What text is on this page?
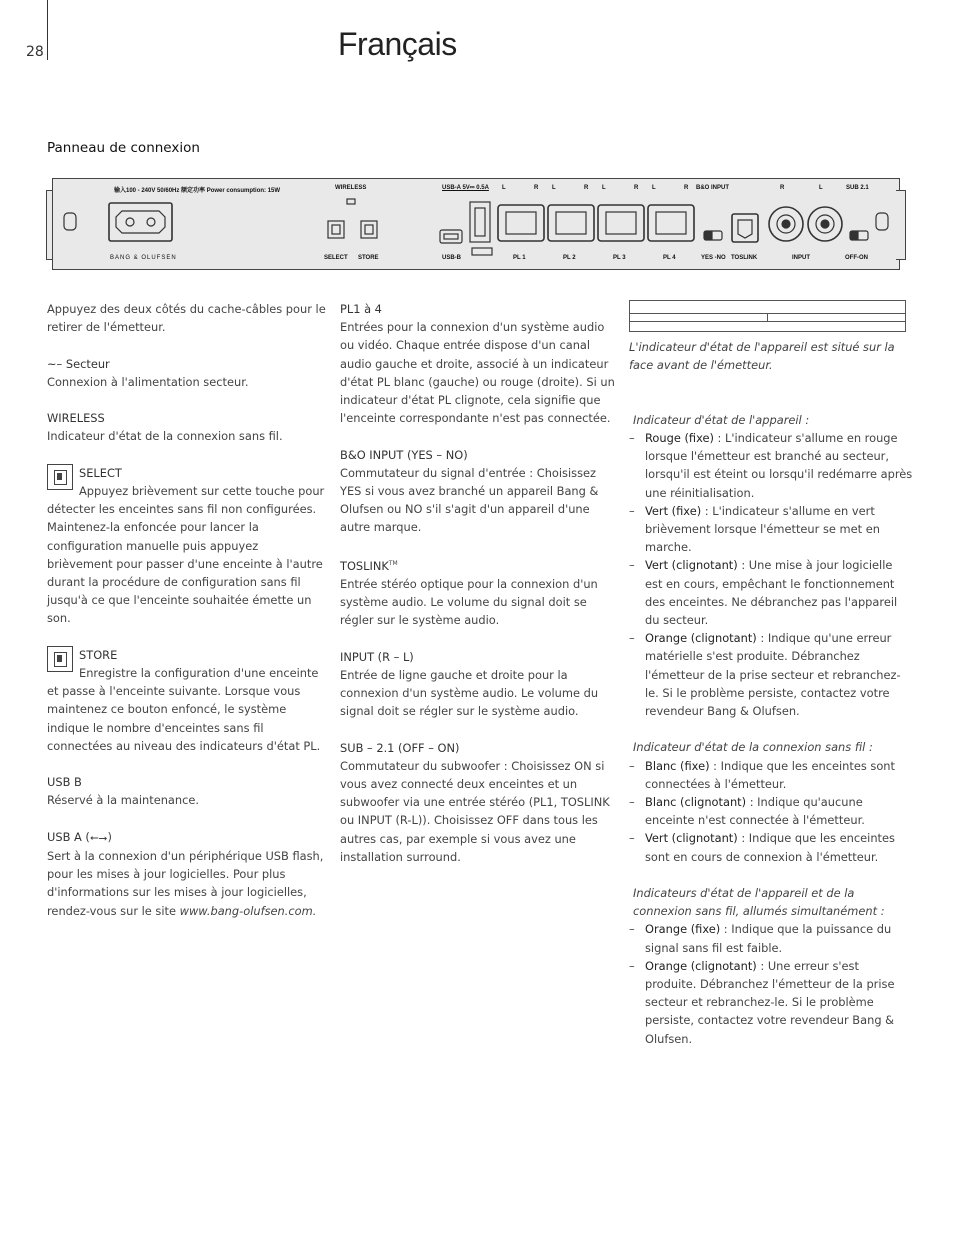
28	Français
Panneau de connexion
输入100 - 240V 50/60Hz 额定功率 Power consumption: 15W	WIRELESS	USB-A 5V⎓ 0.5A L	R L	R L	R L	R B&O INPUT	R	L	SUB 2.1
BANG & OLUFSEN	SELECT STORE	USB-B	PL 1	PL 2	PL 3	PL 4	YES -NO TOSLINK	INPUT	OFF-ON

Appuyez des deux côtés du cache-câbles pour le retirer de l'émetteur.

~– Secteur
Connexion à l'alimentation secteur.

WIRELESS
Indicateur d'état de la connexion sans fil.

SELECT
Appuyez brièvement sur cette touche pour détecter les enceintes sans fil non configurées. Maintenez-la enfoncée pour lancer la configuration manuelle puis appuyez brièvement pour passer d'une enceinte à l'autre durant la procédure de configuration sans fil jusqu'à ce que l'enceinte souhaitée émette un son.

STORE
Enregistre la configuration d'une enceinte et passe à l'enceinte suivante. Lorsque vous maintenez ce bouton enfoncé, le système indique le nombre d'enceintes sans fil connectées au niveau des indicateurs d'état PL.

USB B
Réservé à la maintenance.

USB A (⭠⭢)
Sert à la connexion d'un périphérique USB flash, pour les mises à jour logicielles. Pour plus d'informations sur les mises à jour logicielles, rendez-vous sur le site www.bang-olufsen.com.

PL1 à 4
Entrées pour la connexion d'un système audio ou vidéo. Chaque entrée dispose d'un canal audio gauche et droite, associé à un indicateur d'état PL blanc (gauche) ou rouge (droite). Si un indicateur d'état PL clignote, cela signifie que l'enceinte correspondante n'est pas connectée.

B&O INPUT (YES – NO)
Commutateur du signal d'entrée : Choisissez YES si vous avez branché un appareil Bang & Olufsen ou NO s'il s'agit d'un appareil d'une autre marque.

TOSLINK™
Entrée stéréo optique pour la connexion d'un système audio. Le volume du signal doit se régler sur le système audio.

INPUT (R – L)
Entrée de ligne gauche et droite pour la connexion d'un système audio. Le volume du signal doit se régler sur le système audio.

SUB – 2.1 (OFF – ON)
Commutateur du subwoofer : Choisissez ON si vous avez connecté deux enceintes et un subwoofer via une entrée stéréo (PL1, TOSLINK ou INPUT (R-L)). Choisissez OFF dans tous les autres cas, par exemple si vous avez une installation surround.

L'indicateur d'état de l'appareil est situé sur la face avant de l'émetteur.

Indicateur d'état de l'appareil :
– Rouge (fixe) : L'indicateur s'allume en rouge lorsque l'émetteur est branché au secteur, lorsqu'il est éteint ou lorsqu'il redémarre après une réinitialisation.
– Vert (fixe) : L'indicateur s'allume en vert brièvement lorsque l'émetteur se met en marche.
– Vert (clignotant) : Une mise à jour logicielle est en cours, empêchant le fonctionnement des enceintes. Ne débranchez pas l'appareil du secteur.
– Orange (clignotant) : Indique qu'une erreur matérielle s'est produite. Débranchez l'émetteur de la prise secteur et rebranchez-le. Si le problème persiste, contactez votre revendeur Bang & Olufsen.
Indicateur d'état de la connexion sans fil :
– Blanc (fixe) : Indique que les enceintes sont connectées à l'émetteur.
– Blanc (clignotant) : Indique qu'aucune enceinte n'est connectée à l'émetteur.
– Vert (clignotant) : Indique que les enceintes sont en cours de connexion à l'émetteur.
Indicateurs d'état de l'appareil et de la connexion sans fil, allumés simultanément :
– Orange (fixe) : Indique que la puissance du signal sans fil est faible.
– Orange (clignotant) : Une erreur s'est produite. Débranchez l'émetteur de la prise secteur et rebranchez-le. Si le problème persiste, contactez votre revendeur Bang & Olufsen.
